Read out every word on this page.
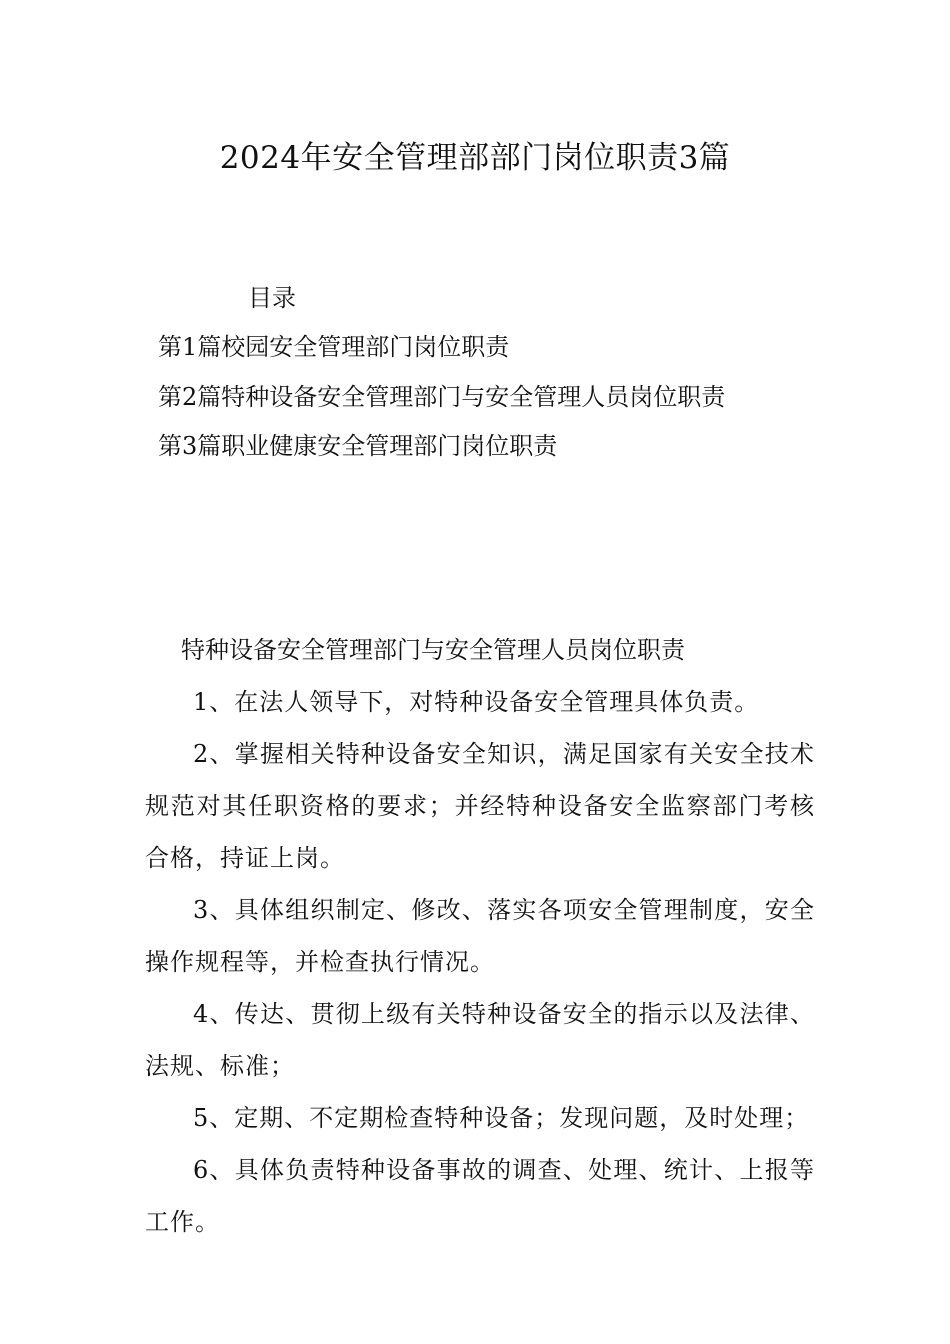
2024年安全管理部部门岗位职责3篇
目录
第1篇校园安全管理部门岗位职责
第2篇特种设备安全管理部门与安全管理人员岗位职责
第3篇职业健康安全管理部门岗位职责

特种设备安全管理部门与安全管理人员岗位职责

1、在法人领导下，对特种设备安全管理具体负责。

2、掌握相关特种设备安全知识，满足国家有关安全技术规范对其任职资格的要求；并经特种设备安全监察部门考核合格，持证上岗。

3、具体组织制定、修改、落实各项安全管理制度，安全操作规程等，并检查执行情况。

4、传达、贯彻上级有关特种设备安全的指示以及法律、法规、标准；

5、定期、不定期检查特种设备；发现问题，及时处理；

6、具体负责特种设备事故的调查、处理、统计、上报等工作。
